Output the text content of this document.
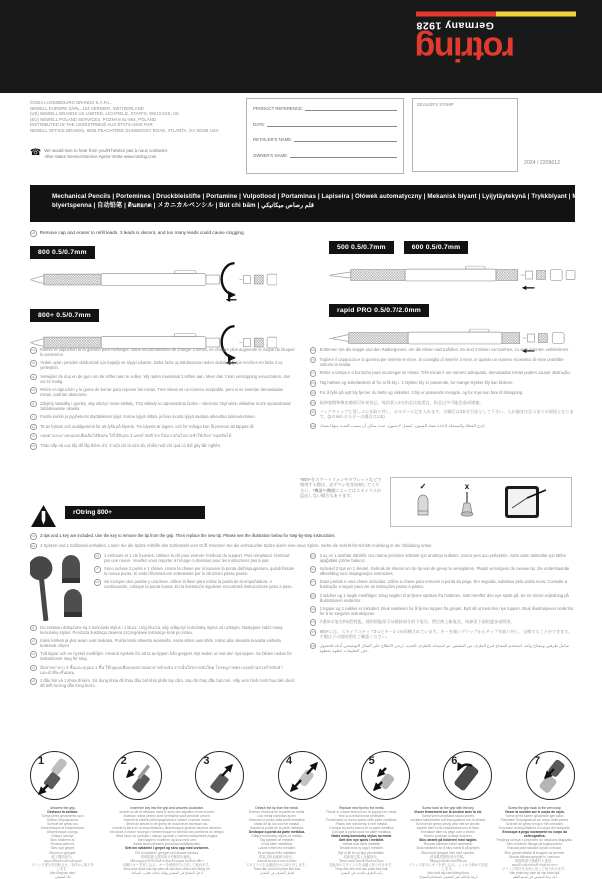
rotring
Germany 1928
©2024 LUXEMBOURG BRANDS S.À.R.L.
NEWELL EUROPE SÀRL, 124 VERNIER, SWITZERLAND
(UK) NEWELL BRANDS UK LIMITED, LICHFIELD, STAFFS, WS13 6SS, UK
(EU) NEWELL POLAND SERVICES, POZNAN 61-664, POLAND
DISTRIBUTED IN THE US/DISTRIBUÉ AUX ÉTATS-UNIS PAR:
NEWELL OFFICE BRANDS, 6655 PEACHTREE DUNWOODY ROAD, ATLANTA, GA 30328 USA
☎ We would love to hear from you/N’hésitez pas à nous contacter.
After-Sales Service/Service Après-Vente www.rotring.com
PRODUCT REFERENCE:
DATE:
RETAILER’S NAME:
OWNER’S NAME:
DEALER’S STAMP
2024 / 2209612
Mechanical Pencils | Portemines | Druckbleistifte | Portamine | Vulpotlood | Portaminas | Lapiseira | Ołówek automatyczny | Mekanisk blyant | Lyijytäytekynä | Trykkblyant | Mekanisk
blyertspenna | 自动铅笔 | ดินสอกด | メカニカルペンシル | Bút chì bấm | قلم رصاص ميكانيكي
GB Remove cap and eraser to refill leads. 3 leads is decent, and too many leads could cause clogging.
800 0.5/0.7mm
800+ 0.5/0.7mm
500 0.5/0.7mm	600 0.5/0.7mm
rapid PRO 0.5/0.7/2.0mm
FR	Retirez le capuchon et la gomme pour recharger. Nous recommandons de charger 3 mines, en charger plus augmente le risque de bloquer le portemine.
TR	Yedek uçları yeniden doldurmak için kapağı ve silgiyi çıkartın. Daha fazla uç takılmasına neden olabileceği için tercihen en fazla 3 uç yerleştirin.
NL	Verwijder de dop en de gum om de stiften aan te vullen. Wij raden maximaal 3 stiften aan. Meer dan 3 kan verstopping veroorzaken, dus vul ze matig.
ES	Retire el capuchón y la goma de borrar para reponer las minas. Tres minas es un número aceptable, pero si se insertan demasiadas minas, podrían atascarse.
PL	Zdejmij nasadkę i gumkę, aby włożyć nowe wkłady. Trzy wkłady to odpowiednia liczba – włożenie zbyt wielu wkładów może spowodować zablokowanie ołówka.
FI	Poista korkki ja pyyhekumi täyttääksesi lyijyt. Kolme lyijyä riittää, ja liian monta lyijyä saattaa aiheuttaa tukkeutumisen.
SE	Ta av hylsan och suddgummit för att fylla på blyerts. Tre blyerts är lagom, och för många kan få pennan att täppas till.
TH	ถอดฝาและยางลบออกเพื่อเติมไส้ดินสอ ใส่ไส้ดินสอ 3 แท่งกำลังดี หากใส่มากเกินไปอาจทำให้เกิดการอุดตันได้
VN	Tháo nắp và cục tẩy để lắp thêm chì. 3 ruột chì là vừa đủ, nhiều ruột chì quá có thể gây tắc nghẽn.
DE	Entfernen Sie die Kappe und den Radiergummi, um die Minen nachzufüllen. Es sind 3 Minen vorzusehen, zu viele könnten verklemmen.
IT	Togliere il cappuccio e la gomma per inserire le mine. Si consiglia di inserire 3 mine, in quanto un numero eccessivo di mine potrebbe ostruire la matita.
PT	Retire a tampa e a borracha para recarregar as minas. Três minas é um número adequado, demasiadas minas podem causar obstrução.
DK	Tag hætten og viskelæderet af for at få bly i. 3 stykker bly er passende, for mange stykker bly kan blokere.
NO	For å fylle på nytt bly fjerner du hette og viskelær. 3 bly er passende mengde, og for mye kan føre til tilstopping.
CN	取掉笔帽和橡皮擦即可补充铅芯。每次装入3支铅芯比较适宜，铅芯过多可能会造成堵塞。
JP	ノックキャップと消しゴムを取り外し、ホルダーに芯を入れます。予備芯は3本を目安として下さい。入れ過ぎは芯づまりの原因となります。(2.0 mm ホルダーの場合は1本)
AR	انزع الغطاء والممحاة لإعادة تعبئة السنون. يُفضل ٣ سنون، حيث يمكن أن يسبب العديد منها انسداد.
*800+をスマートフォンやタブレットなどで使用する際は、必ずペン先を収納してください。*機器や機種によってはスタイラスが反応しない場合もあります。
✓	x
rOtring 800+
GB	2 tips and 1 key are included. Use the key to remove the tip from the grip. Then replace the new tip. Please see the illustration below for step-by-step instructions.
DE	2 Spitzen und 1 Schlüssel enthalten. Lösen Sie die Spitze mithilfe des Schlüssels vom Griff. Ersetzen Sie die verbrauchte Spitze durch eine neue Spitze. Siehe die Schritt-für-Schritt-Anleitung in der Abbildung unten.
FR	2 embouts et 1 clé fournies. Utilisez la clé pour enlever l’embout du support. Puis remplacez l’embout par une neuve. Veuillez vous reporter à l’image ci-dessous pour les instructions pas à pas.
IT	Sono incluse 2 punte e 1 chiave. Usare la chiave per rimuovere la punta dall’impugnatura, quindi fissare la nuova punta. Si veda l’illustrazione sottostante per le istruzioni passo passo.
ES	Se incluyen dos puntas y una llave. Utilice la llave para retirar la punta de la empuñadura. A continuación, coloque la punta nueva. En la ilustración siguiente encontrará instrucciones paso a paso.
PL	Do zestawu dołączone są 2 końcówki stylus i 1 klucz. Użyj klucza, aby odłączyć końcówkę stylus od uchwytu. Następnie załóż nową końcówkę stylus. Poniższa ilustracja zawiera szczegółowe instrukcje krok po kroku.
FI	Kaksi kärkeä ja yksi avain ovat mukana. Poista kärki otteesta avaimella. Aseta sitten uusi kärki. Katso alla olevasta kuvasta vaiheita koskevat ohjeet.
SE	Två tippar och en nyckel medföljer. Använd nyckeln för att ta av tippen från greppet. Byt sedan ut mot den nya tippen. Se bilden nedan för instruktioner steg för steg.
TH	มีปลายปากกา 2 ชิ้นและกุญแจ 1 ชิ้น ใช้กุญแจเพื่อถอดปลายออกจากด้ามจับ จากนั้นใส่ปลายอันใหม่ โปรดดูภาพประกอบด้านล่างสำหรับคำแนะนำทีละขั้นตอน
VN	2 đầu bút và 1 khóa đi kèm. Sử dụng khóa để tháo đầu bút khỏi phần tay cầm. Sau đó thay đầu bút mới. Hãy xem hình minh họa bên dưới để biết hướng dẫn từng bước.
TR	2 uç ve 1 anahtar dahildir. Ucu tutma yerinden sökmek için anahtarı kullanın. Sonra yeni ucu yerleştirin. Adım adım talimatlar için lütfen aşağıdaki çizime bakınız.
NL	Inclusief 2 tips en 1 sleutel. Gebruik de sleutel om de tip van de greep te verwijderen. Plaats vervolgens de nieuwe tip. Zie onderstaande afbeelding voor stapsgewijze instructies.
PT	Duas pontas e uma chave incluídas. Utilize a chave para remover a ponta da pega. Em seguida, substitua pela ponta nova. Consulte a ilustração a seguir para ver as instruções passo a passo.
DK	2 spidser og 1 nøgle medfølger. Brug nøglen til at fjerne spidsen fra holderen. Sæt herefter den nye spids på. Se en trinvis vejledning på illustrationen nedenfor.
NO	2 tupper og 1 nøkkel er inkludert. Bruk nøkkelen for å fjerne tuppen fra grepet. Bytt så ut med den nye tuppen. Bruk illustrasjonen nedenfor for å se stegvise instruksjoner.
CN	内附2支笔尖和1把钥匙。使用钥匙即可从握持部分拆下笔尖。然后换上新笔尖。请参见下面的逐步说明图。
JP	800+には、スタイラスチップ2つとキー1つが同梱されています。キーを使いグリップからチップを取り外し、交換することができます。手順は下の説明図をご確認ください。
AR	شامل طرفين ومفتاح واحد. استخدم المفتاح لنزع الطرف من المقبض. ثم استبدله بالطرف الجديد. يُرجى الاطلاع على المثال التوضيحي أدناه للحصول على التعليمات خطوة بخطوة.
1	2	3	4	5	6	7
Unscrew the grip.
Dévisser la section.
Tutma yerini gevşeterek açın.
Svitare l’impugnatura.
Schroef de greep los.
Desenrosque la empuñadura.
Desenrosque a pega.
Odkręć uchwyt.
Skru holderen af.
Ruuvaa pidin irti.
Skru opp grepet.
Skruva ur greppet.
旋下握持部分。
หมุนเกลียวส่วนด้ามจับออก
グリップ部分を回転させ、本体から取り外します。
Vặn lỏng tay cầm.
فك المقبض
Insert the key into the grip and unscrew clockwise.
Insérer la clé et dévisser dans le sens des aiguilles d’une montre.
Anahtarı tutma yerinin içine yerleştirip saat yönünde çevirin.
Inserire la chiave nell’impugnatura e svitare in senso orario.
Steek de sleutel in de greep en draai deze rechtsom los.
Inserte la llave en la empuñadura y desenrosque girando hacia la derecha.
Introduza a chave na pega e desenrosque no sentido dos ponteiros do relógio.
Włóż klucz do uchwytu i odkręć zgodnie z ruchem wskazówek zegara.
Sæt nøglen i holderen og skru med uret.
Aseta avain pitimeen ja ruuvaa myötäpäivään.
Sett inn nøkkelen i grepet og skru opp med urviseren.
För in nyckeln i greppet och skruva medurs.
将钥匙插入握持部分并顺时针旋转。
เสียบกุญแจเข้าไปในด้ามจับแล้วหมุนตามเข็มนาฬิกา
付属のキーを差し込み、キーを時計回りに回して緩めます。
Đưa chìa khóa vào tay cầm và vặn theo chiều kim đồng hồ.
أدخل المفتاح في المقبض وفكه باتجاه عقارب الساعة
Detach the tip from the metal.
Enlever l’embout de la partie en métal.
Ucu metal kısımdan ayırın.
Staccare la punta dalla parte metallica.
Maak de tip los van het metaal.
Separe la punta de la parte metálica.
Destaque a ponta da parte metálica.
Odłącz końcówkę stylus od metalu.
Tag spidsen af metallet.
Irrota kärki metallista.
Løsne hetten fra metallet.
Ta av tippen från metallen.
将笔尖和金属部分拆开。
ถอดปลายออกจากส่วนโลหะ
スタイラスを金属部分から取り外します。
Tháo đầu bút khỏi phần kim loại.
افصل الطرف عن المعدن
Replace new tip into the metal.
Placer le nouvel embout sur le support en métal.
Yeni ucu metal kısma yerleştirin.
Posizionare la nuova punta nella parte metallica.
Plaats een nieuwe tip in het metaal.
Coloque la punta nueva en la parte metálica.
Coloque a ponta nova na parte metálica.
Nałóż nową końcówkę stylus na metal.
Sæt den nye spids i metallet.
Vaihda uusi kärki metalliin.
Erstatt med ny tupp i metallet.
Byt ut till en ny tipp på metallen.
将新笔尖装入金属部分。
ใส่ปลายอันใหม่เข้ากับส่วนโลหะ
交換用のスタイラスを金属に取り付けます。
Thay đầu bút mới vào phần kim loại.
ركب الطرف الجديد في المعدن
Screw hard on the grip with the key.
Visser fermement sur la section avec la clé.
Tutma yerini anahtarla sıkıca çevirin.
Avvitare saldamente sull’impugnatura con la chiave.
Schroef de greep stevig vast met de sleutel.
Apriete bien en la empuñadura con la llave.
Enrosque bem na pega com a chave.
Mocno przykręć uchwyt kluczem.
Skru stramt på holderen med nøglen.
Ruuvaa pitimeen kiinni avaimella.
Bruk nøkkelen for å skru hardt til på grepet.
Skruva på greppet hårt med nyckeln.
用钥匙将握持部分拧紧。
ใช้กุญแจขันด้ามจับให้แน่น
グリップ部分にキーを差し込み、しっかり締めて固定します。
Vặn chặt tay cầm bằng khóa.
اربط بإحكام على المقبض باستخدام المفتاح
Screw the grip back to the pen body.
Visser la section sur le corps du stylo.
Tutma yerini kalem gövdesine geri takın.
Riavvitare l’impugnatura sul corpo della penna.
Schroef de greep terug in het omhulsel.
Enrosque la empuñadura al cuerpo del bolígrafo.
Enrosque a pega novamente no corpo da esferográfica.
Przykręć uchwyt z powrotem do obudowy długopisu.
Skru holderen tilbage på kuglepennen.
Ruuvaa pidin takaisin kynän runkoon.
Skru grepet tilbake til kroppen av pennen.
Skruva tillbaka greppet in i pennan.
将握持部分重新拧入笔身。
หมุนด้ามจับกลับเข้ากับตัวปากกา
グリップ部分を本体に戻して取り付けます。
Vặn phần tay cầm lại vào thân bút.
أعد ربط المقبض في جسم القلم
